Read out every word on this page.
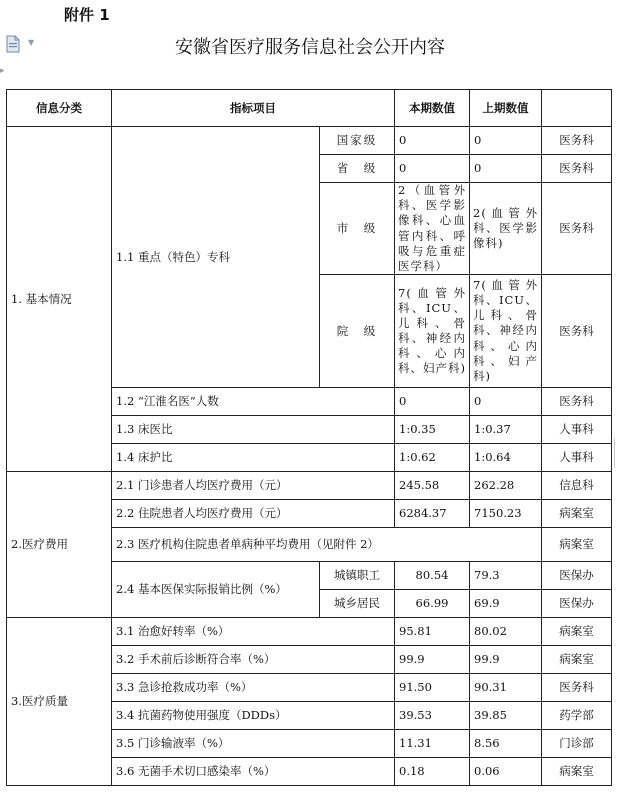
附件 1
▼
▸
安徽省医疗服务信息社会公开内容
信息分类	指标项目		本期数值	上期数值	
1. 基本情况	1.1 重点（特色）专科	国家级	0	0	医务科
		省　级	0	0	医务科
		市　级	2（血管外科、医学影像科、心血管内科、呼吸与危重症医学科）	2(血管外科、医学影像科)	医务科
		院　级	7(血管外科、ICU、儿科、骨科、神经内科、心内科、妇产科)	7(血管外科、ICU、儿科、骨科、神经内科、心内科、妇产科)	医务科
	1.2 “江淮名医”人数		0	0	医务科
	1.3 床医比		1:0.35	1:0.37	人事科
	1.4 床护比		1:0.62	1:0.64	人事科
2.医疗费用	2.1 门诊患者人均医疗费用（元）		245.58	262.28	信息科
	2.2 住院患者人均医疗费用（元）		6284.37	7150.23	病案室
	2.3 医疗机构住院患者单病种平均费用（见附件 2）				病案室
	2.4 基本医保实际报销比例（%）	城镇职工	80.54	79.3	医保办
		城乡居民	66.99	69.9	医保办
3.医疗质量	3.1 治愈好转率（%）		95.81	80.02	病案室
	3.2 手术前后诊断符合率（%）		99.9	99.9	病案室
	3.3 急诊抢救成功率（%）		91.50	90.31	医务科
	3.4 抗菌药物使用强度（DDDs）		39.53	39.85	药学部
	3.5 门诊输液率（%）		11.31	8.56	门诊部
	3.6 无菌手术切口感染率（%）		0.18	0.06	病案室
